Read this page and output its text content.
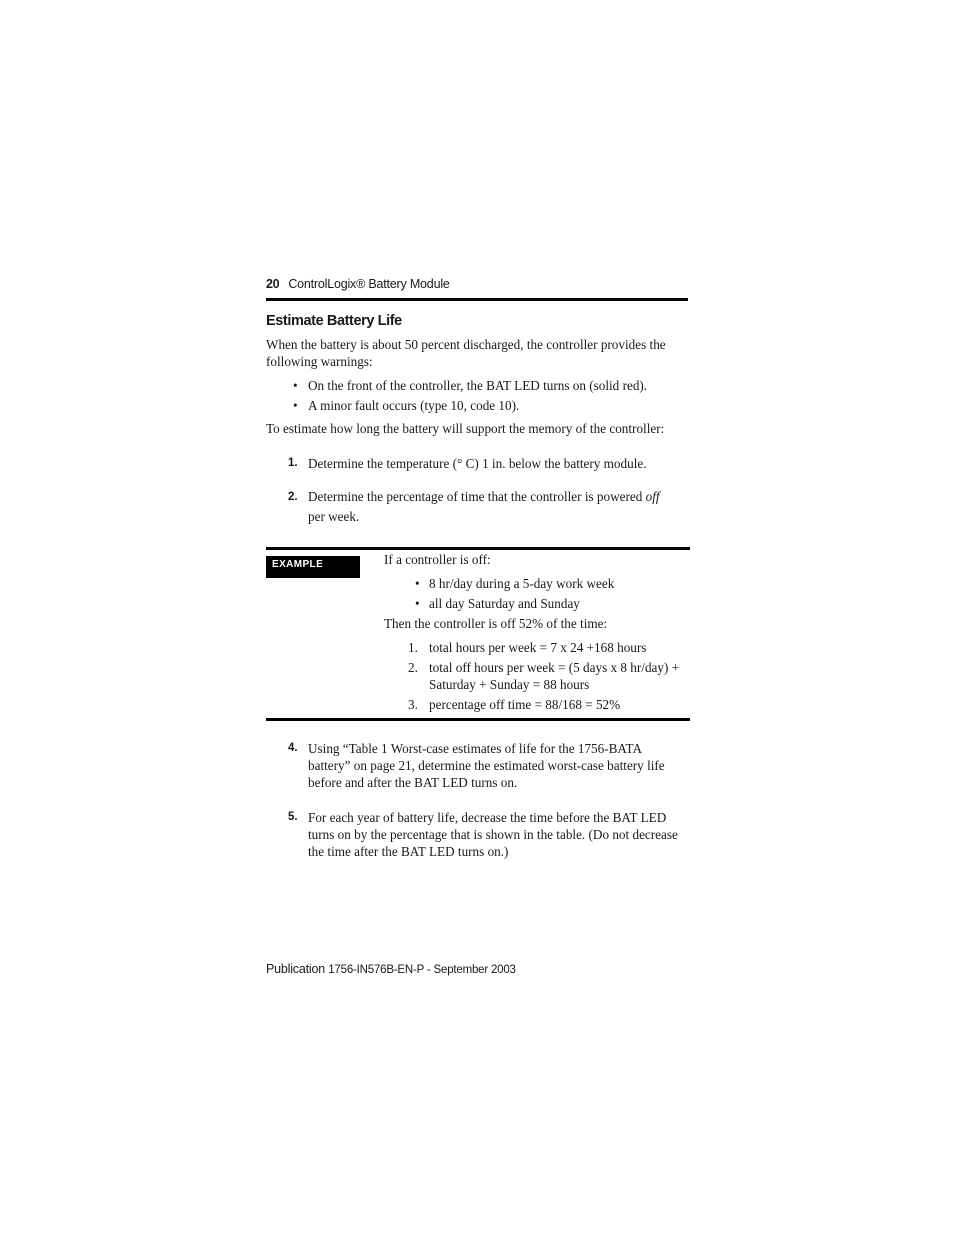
20 ControlLogix® Battery Module
Estimate Battery Life
When the battery is about 50 percent discharged, the controller provides the following warnings:
• On the front of the controller, the BAT LED turns on (solid red).
• A minor fault occurs (type 10, code 10).
To estimate how long the battery will support the memory of the controller:
1. Determine the temperature (° C) 1 in. below the battery module.
2. Determine the percentage of time that the controller is powered off per week.
EXAMPLE	If a controller is off:
• 8 hr/day during a 5-day work week
• all day Saturday and Sunday
Then the controller is off 52% of the time:
1. total hours per week = 7 x 24 +168 hours
2. total off hours per week = (5 days x 8 hr/day) + Saturday + Sunday = 88 hours
3. percentage off time = 88/168 = 52%
4. Using “Table 1 Worst-case estimates of life for the 1756-BATA battery” on page 21, determine the estimated worst-case battery life before and after the BAT LED turns on.
5. For each year of battery life, decrease the time before the BAT LED turns on by the percentage that is shown in the table. (Do not decrease the time after the BAT LED turns on.)
Publication 1756-IN576B-EN-P - September 2003
